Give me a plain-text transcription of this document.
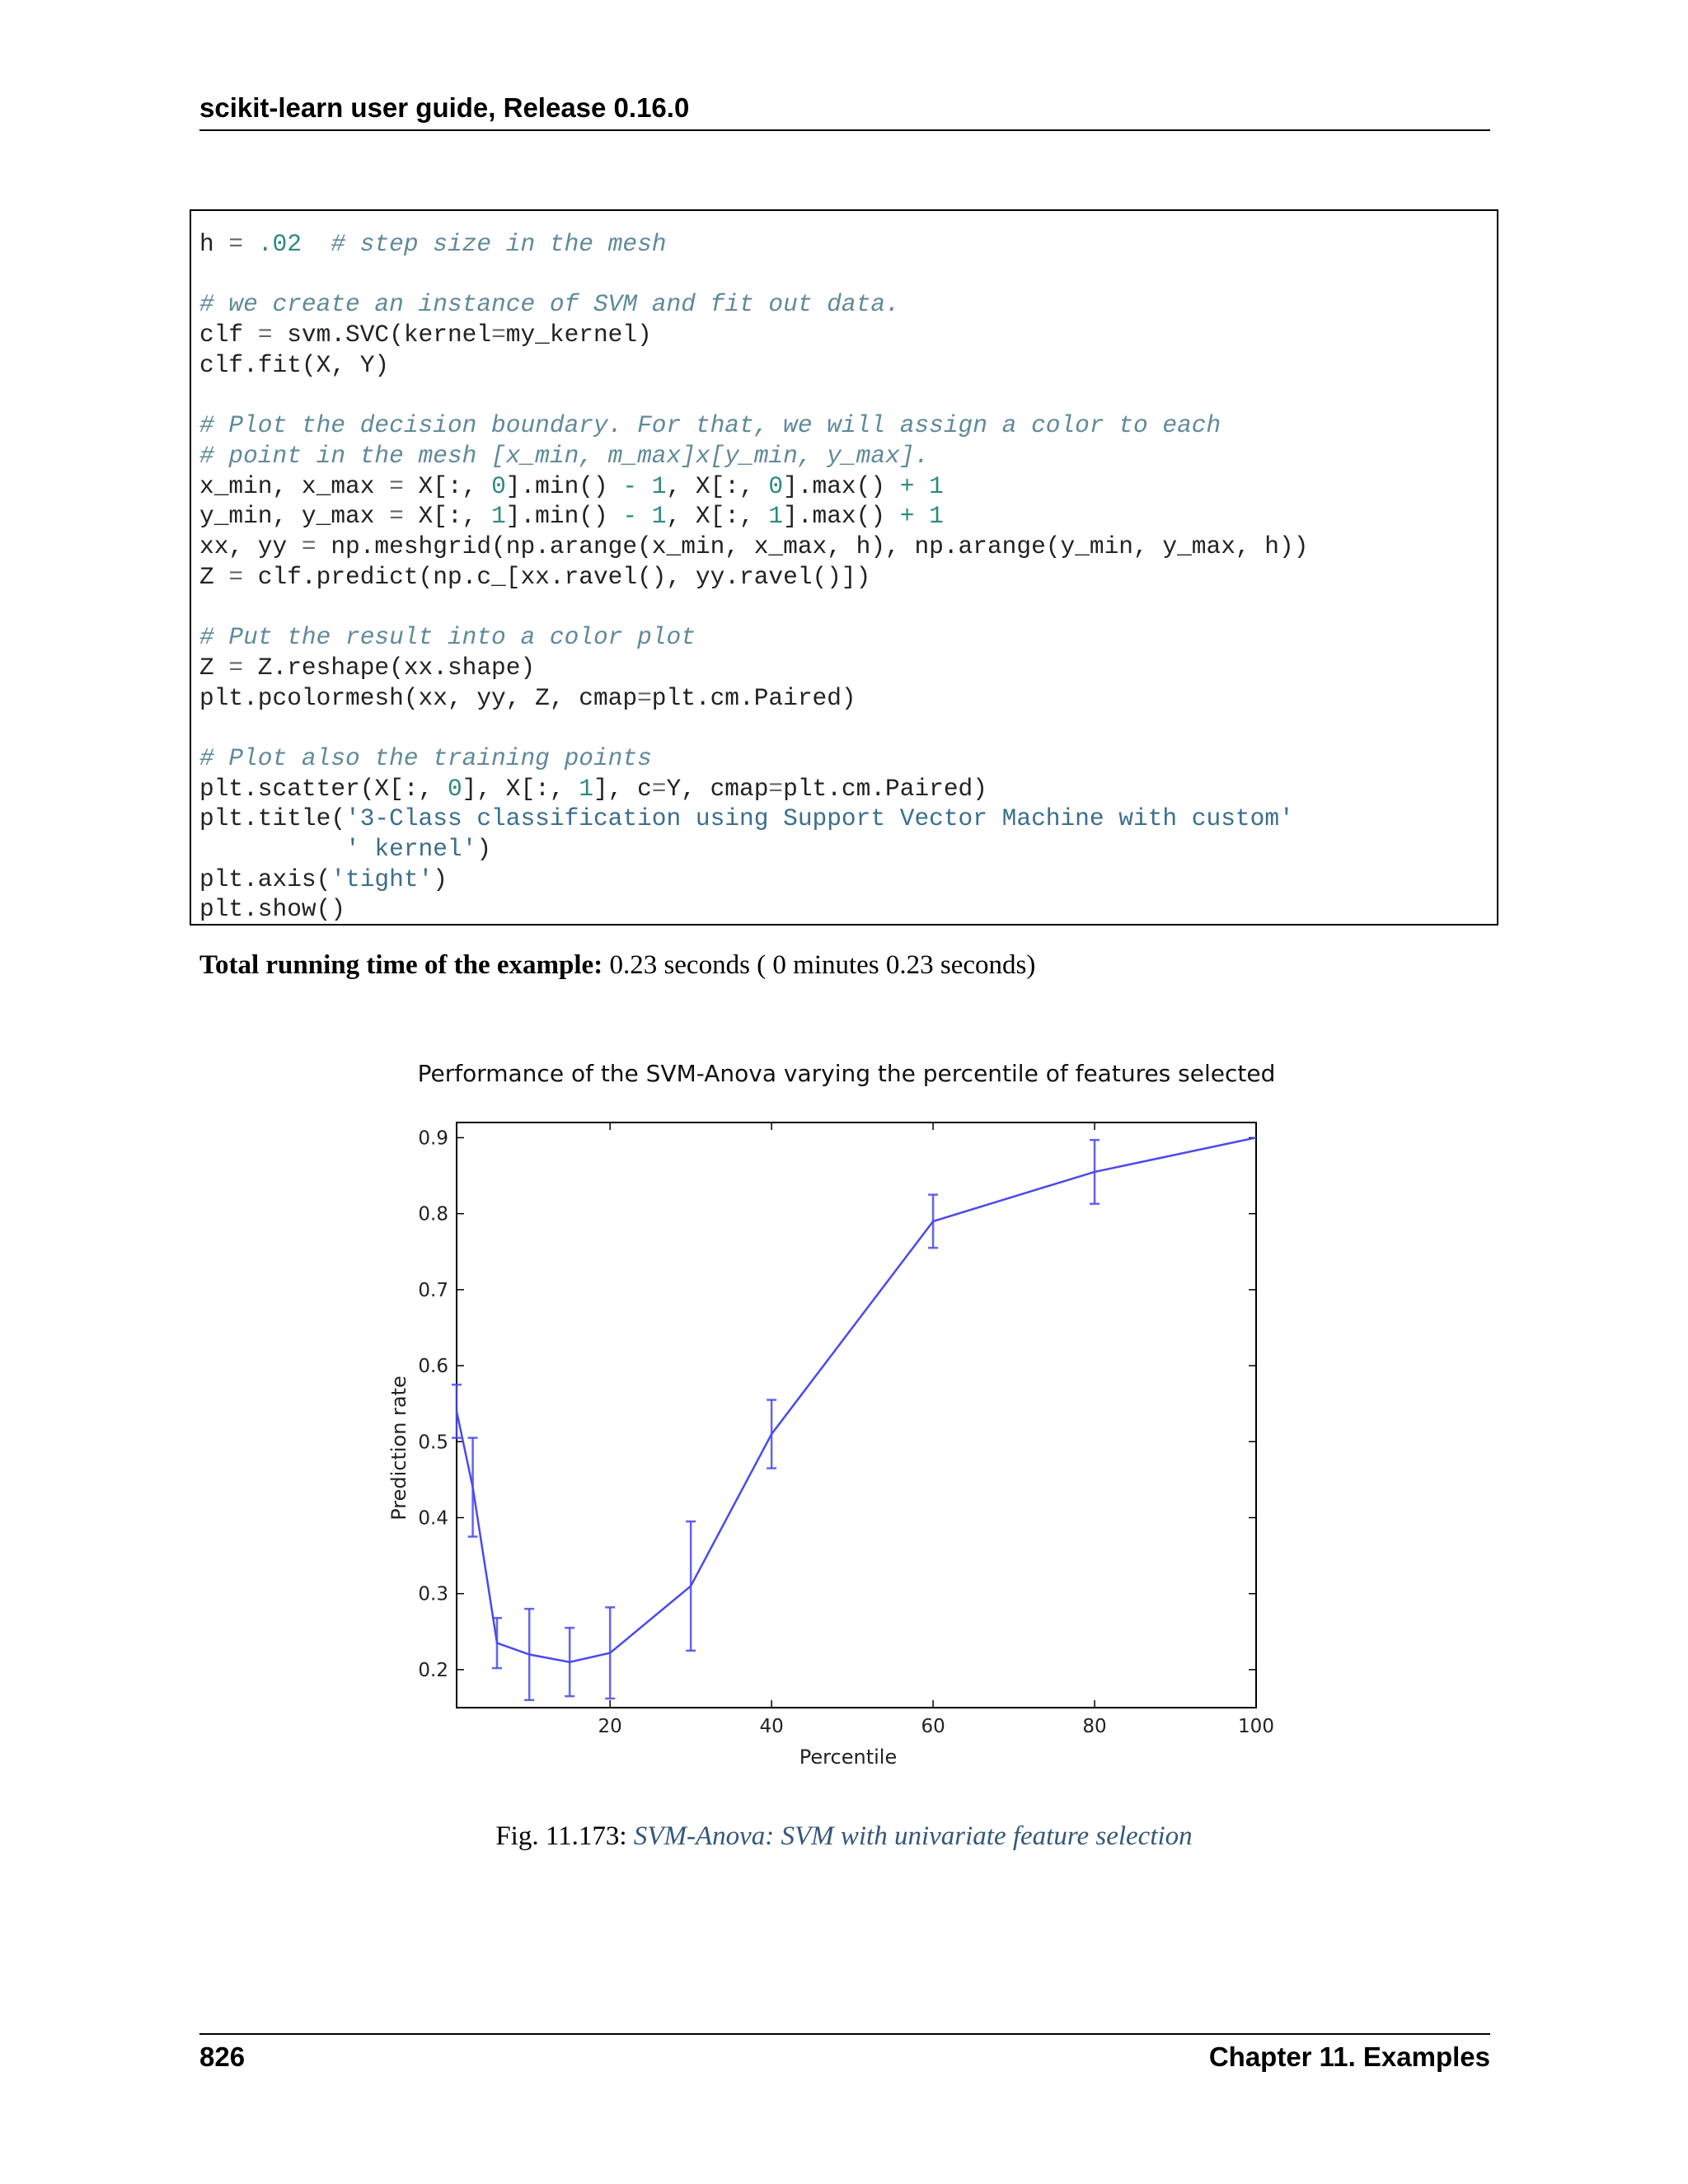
scikit-learn user guide, Release 0.16.0
h = .02 # step size in the mesh
# we create an instance of SVM and fit out data.
clf = svm.SVC(kernel=my_kernel)
clf.fit(X, Y)
# Plot the decision boundary. For that, we will assign a color to each
# point in the mesh [x_min, m_max]x[y_min, y_max].
x_min, x_max = X[:, 0].min() - 1, X[:, 0].max() + 1
y_min, y_max = X[:, 1].min() - 1, X[:, 1].max() + 1
xx, yy = np.meshgrid(np.arange(x_min, x_max, h), np.arange(y_min, y_max, h))
Z = clf.predict(np.c_[xx.ravel(), yy.ravel()])
# Put the result into a color plot
Z = Z.reshape(xx.shape)
plt.pcolormesh(xx, yy, Z, cmap=plt.cm.Paired)
# Plot also the training points
plt.scatter(X[:, 0], X[:, 1], c=Y, cmap=plt.cm.Paired)
plt.title('3-Class classification using Support Vector Machine with custom'
' kernel')
plt.axis('tight')
plt.show()
Total running time of the example: 0.23 seconds ( 0 minutes 0.23 seconds)
20	40	60	80	100
0.2
0.3
0.4
0.5
0.6
0.7
0.8
0.9
Performance of the SVM-Anova varying the percentile of features selected
Percentile
Prediction rate
Fig. 11.173: SVM-Anova: SVM with univariate feature selection
826	Chapter 11. Examples
